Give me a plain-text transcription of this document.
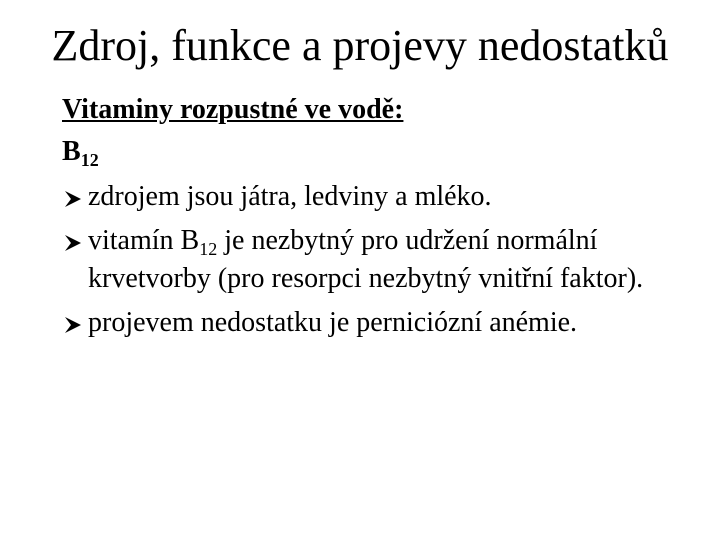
Zdroj, funkce a projevy nedostatků
Vitaminy rozpustné ve vodě:
$B_{12}$
zdrojem jsou játra, ledviny a mléko.
vitamín $B_{12}$ je nezbytný pro udržení normální krvetvorby (pro resorpci nezbytný vnitřní faktor).
projevem nedostatku je perniciózní anémie.
